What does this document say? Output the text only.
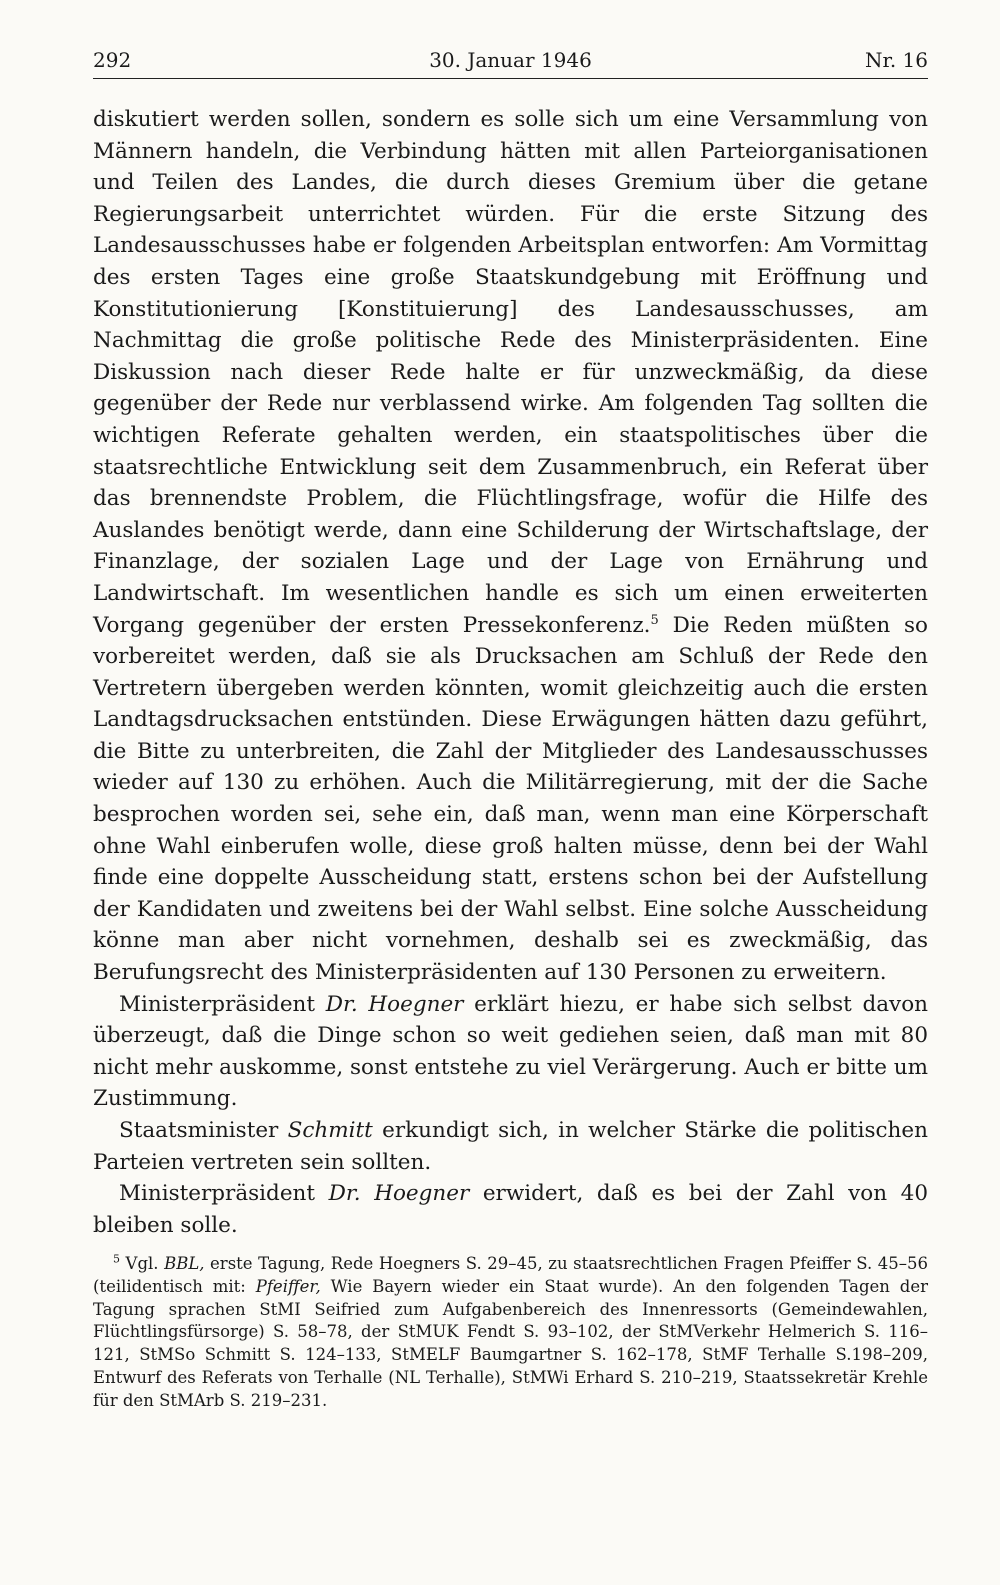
292	30. Januar 1946	Nr. 16

diskutiert werden sollen, sondern es solle sich um eine Versammlung von Männern handeln, die Verbindung hätten mit allen Parteiorganisationen und Teilen des Landes, die durch dieses Gremium über die getane Regierungsarbeit unterrichtet würden. Für die erste Sitzung des Landesausschusses habe er folgenden Arbeitsplan entworfen: Am Vormittag des ersten Tages eine große Staatskundgebung mit Eröffnung und Konstitutionierung [Konstituierung] des Landesausschusses, am Nachmittag die große politische Rede des Ministerpräsidenten. Eine Diskussion nach dieser Rede halte er für unzweckmäßig, da diese gegenüber der Rede nur verblassend wirke. Am folgenden Tag sollten die wichtigen Referate gehalten werden, ein staatspolitisches über die staatsrechtliche Entwicklung seit dem Zusammenbruch, ein Referat über das brennendste Problem, die Flüchtlingsfrage, wofür die Hilfe des Auslandes benötigt werde, dann eine Schilderung der Wirtschaftslage, der Finanzlage, der sozialen Lage und der Lage von Ernährung und Landwirtschaft. Im wesentlichen handle es sich um einen erweiterten Vorgang gegenüber der ersten Pressekonferenz.$^5$ Die Reden müßten so vorbereitet werden, daß sie als Drucksachen am Schluß der Rede den Vertretern übergeben werden könnten, womit gleichzeitig auch die ersten Landtagsdrucksachen entstünden. Diese Erwägungen hätten dazu geführt, die Bitte zu unterbreiten, die Zahl der Mitglieder des Landesausschusses wieder auf 130 zu erhöhen. Auch die Militärregierung, mit der die Sache besprochen worden sei, sehe ein, daß man, wenn man eine Körperschaft ohne Wahl einberufen wolle, diese groß halten müsse, denn bei der Wahl finde eine doppelte Ausscheidung statt, erstens schon bei der Aufstellung der Kandidaten und zweitens bei der Wahl selbst. Eine solche Ausscheidung könne man aber nicht vornehmen, deshalb sei es zweckmäßig, das Berufungsrecht des Ministerpräsidenten auf 130 Personen zu erweitern.

Ministerpräsident Dr. Hoegner erklärt hiezu, er habe sich selbst davon überzeugt, daß die Dinge schon so weit gediehen seien, daß man mit 80 nicht mehr auskomme, sonst entstehe zu viel Verärgerung. Auch er bitte um Zustimmung.

Staatsminister Schmitt erkundigt sich, in welcher Stärke die politischen Parteien vertreten sein sollten.

Ministerpräsident Dr. Hoegner erwidert, daß es bei der Zahl von 40 bleiben solle.

$^5$ Vgl. BBL, erste Tagung, Rede Hoegners S. 29–45, zu staatsrechtlichen Fragen Pfeiffer S. 45–56 (teilidentisch mit: Pfeiffer, Wie Bayern wieder ein Staat wurde). An den folgenden Tagen der Tagung sprachen StMI Seifried zum Aufgabenbereich des Innenressorts (Gemeindewahlen, Flüchtlingsfürsorge) S. 58–78, der StMUK Fendt S. 93–102, der StMVerkehr Helmerich S. 116–121, StMSo Schmitt S. 124–133, StMELF Baumgartner S. 162–178, StMF Terhalle S.198–209, Entwurf des Referats von Terhalle (NL Terhalle), StMWi Erhard S. 210–219, Staatssekretär Krehle für den StMArb S. 219–231.
